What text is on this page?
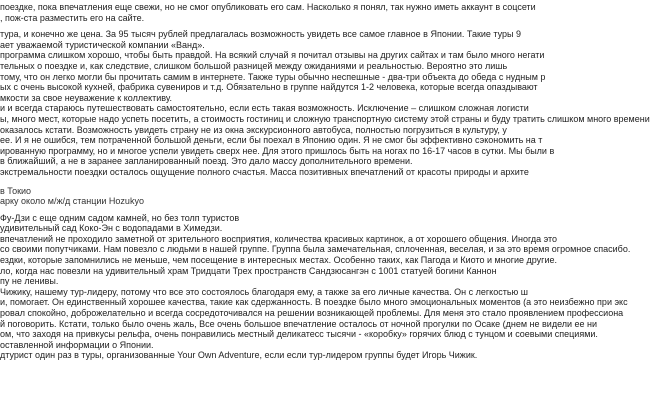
поездке, пока впечатления еще свежи, но не смог опубликовать его сам. Насколько я понял, так нужно иметь аккаунт в соцсети
, пож-ста разместить его на сайте.
тура, и конечно же цена. За 95 тысяч рублей предлагалась возможность увидеть все самое главное в Японии. Такие туры 9
ает уважаемой туристической компании «Ванд».
программа слишком хорошо, чтобы быть правдой. На всякий случай я почитал отзывы на других сайтах и там было много негати
тельных о поездке и, как следствие, слишком большой разницей между ожиданиями и реальностью. Вероятно это лишь
тому, что он легко могли бы прочитать самим в интернете. Также туры обычно неспешные - два-три объекта до обеда с нудным р
ых с очень высокой кухней, фабрика сувениров и т.д. Обязательно в группе найдутся 1-2 человека, которые всегда опаздывают
мкости за свое неуважение к коллективу.
и и всегда стараюсь путешествовать самостоятельно, если есть такая возможность. Исключение – слишком сложная логисти
ы, много мест, которые надо успеть посетить, а стоимость гостиниц и сложную транспортную систему этой страны и буду тратить слишком много времени
оказалось кстати. Возможность увидеть страну не из окна экскурсионного автобуса, полностью погрузиться в культуру, у
ее. И я не ошибся, тем потраченной большой деньги, если бы поехал в Японию один. Я не смог бы эффективно сэкономить на т
ированную программу, но и многое успели увидеть сверх нее. Для этого пришлось быть на ногах по 16-17 часов в сутки. Мы были в
в ближайший, а не в заранее запланированный поезд. Это дало массу дополнительного времени.
экстремальности поездки осталось ощущение полного счастья. Масса позитивных впечатлений от красоты природы и архите
в Токио
арку около м/ж/д станции Hozukyo
Фу-Дзи с еще одним садом камней, но без толп туристов
удивительный сад Коко-Эн с водопадами в Химедзи.
впечатлений не проходило заметной от зрительного восприятия, количества красивых картинок, а от хорошего общения. Иногда это
со своими попутчиками. Нам повезло с людьми в нашей группе. Группа была замечательная, сплоченная, веселая, и за это время огромное спасибо.
ездки, которые запомнились не меньше, чем посещение в интересных местах. Особенно таких, как Пагода и Киото и многие другие.
ло, когда нас повезли на удивительный храм Тридцати Трех пространств Сандзюсангэн с 1001 статуей богини Каннон
пу не ленивы.
Чижику, нашему тур-лидеру, потому что все это состоялось благодаря ему, а также за его личные качества. Он с легкостью ш
и, помогает. Он единственный хорошее качества, такие как сдержанность. В поездке было много эмоциональных моментов (а это неизбежно при экс
ровал спокойно, доброжелательно и всегда сосредоточивался на решении возникающей проблемы. Для меня это стало проявлением профессиона
й поговорить. Кстати, только было очень жаль, Все очень большое впечатление осталось от ночной прогулки по Осаке (днем не видели ее ни
ом, что заходя на привкусы рельфа, очень понравились местный деликатесс тысячи - «коробку» горячих блюд с тунцом и соевыми специями.
оставленной информации о Японии.
дтурист один раз в туры, организованные Your Own Adventure, если если тур-лидером группы будет Игорь Чижик.
